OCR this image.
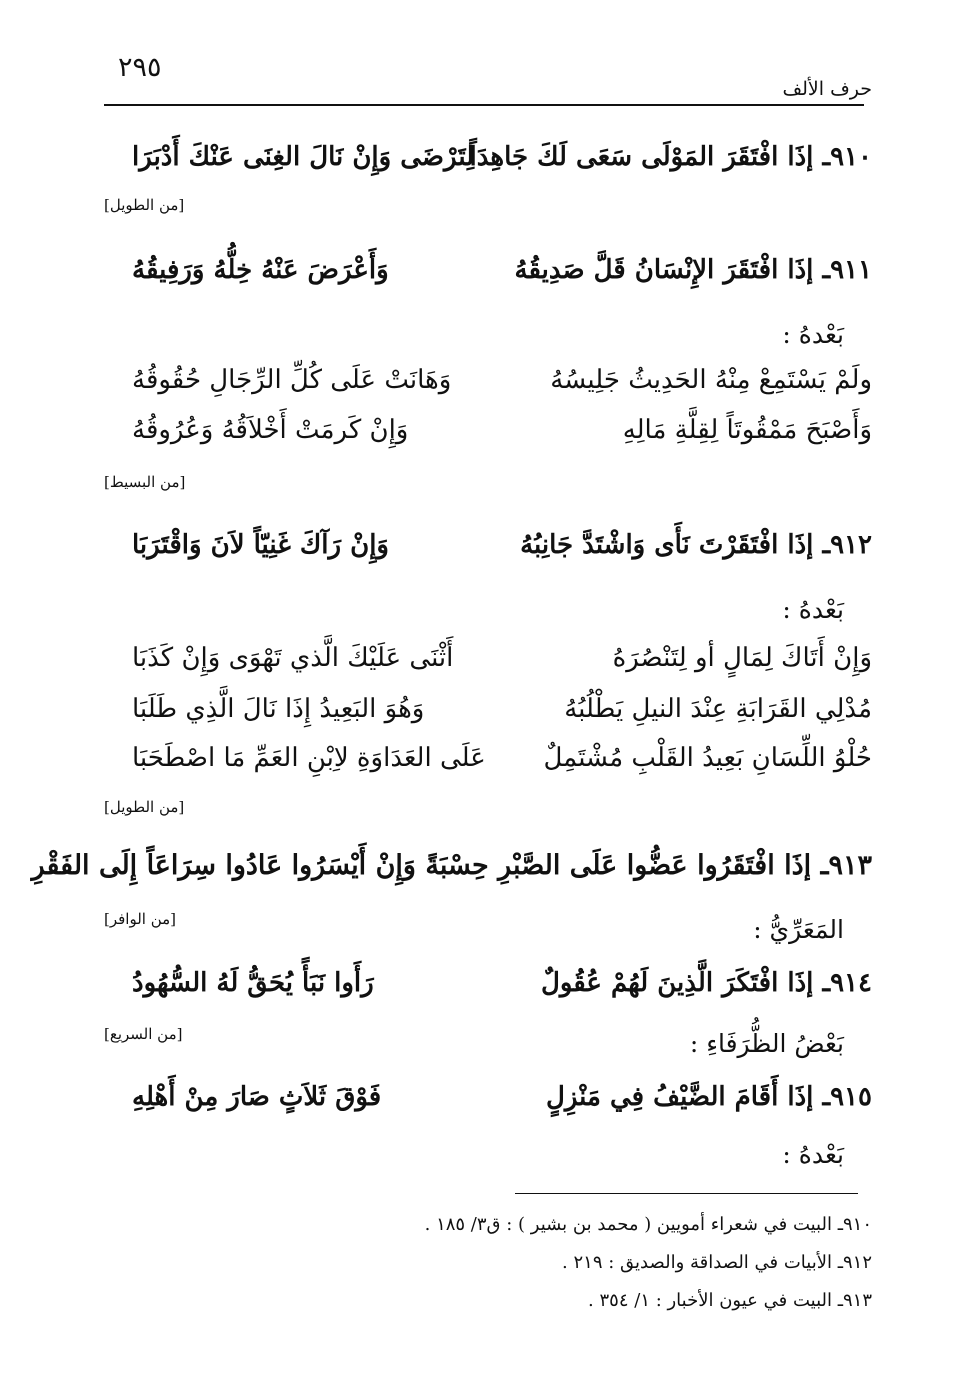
٢٩٥
حرف الألف
٩١٠ـ إذَا افْتَقَرَ المَوْلَى سَعَى لَكَ جَاهِدَاً
لِتَرْضَى وَإِنْ نَالَ الغِنَى عَنْكَ أَدْبَرَا
[من الطويل]
٩١١ـ إذَا افْتَقَرَ الإِنْسَانُ قَلَّ صَدِيقُهُ
وَأَعْرَضَ عَنْهُ خِلُّهُ وَرَفِيقُهُ
بَعْدهُ :
ولَمْ يَسْتَمِعْ مِنْهُ الحَدِيثُ جَلِيسُهُ
وَهَانَتْ عَلَى كُلِّ الرِّجَالِ حُقُوقُهُ
وَأَصْبَحَ مَمْقُوتَاً لِقِلَّةِ مَالِهِ
وَإِنْ كَرمَتْ أَخْلاَقُهُ وَعُرُوقُهُ
[من البسيط]
٩١٢ـ إذَا افْتَقَرْتَ نَأَى وَاشْتَدَّ جَانِبُهُ
وَإِنْ رَآكَ غَنِيّاً لاَنَ وَاقْتَرَبَا
بَعْدهُ :
وَإِنْ أَتَاكَ لِمَالٍ أو لِتَنْصُرَهُ
أَثْنَى عَلَيْكَ الَّذي تَهْوَى وَإِنْ كَذَبَا
مُدْلِي القَرَابَةِ عِنْدَ النيلِ يَطْلُبُهُ
وَهُوَ البَعِيدُ إِذَا نَالَ الَّذِي طَلَبَا
حُلْوُ اللِّسَانِ بَعِيدُ القَلْبِ مُشْتَمِلٌ
عَلَى العَدَاوَةِ لاِبْنِ العَمِّ مَا اصْطَحَبَا
[من الطويل]
٩١٣ـ إذَا افْتَقَرُوا عَضُّوا عَلَى الصَّبْرِ حِسْبَةً وَإِنْ أَيْسَرُوا عَادُوا سِرَاعَاً إِلَى الفَقْرِ
المَعَرِّيُّ :
[من الوافر]
٩١٤ـ إذَا افْتَكَرَ الَّذِينَ لَهُمْ عُقُولٌ
رَأَوا نَبَأً يُحَقُّ لَهُ السُّهُودُ
بَعْضُ الظُّرَفَاءِ :
[من السريع]
٩١٥ـ إذَا أَقَامَ الضَّيْفُ فِي مَنْزِلٍ
فَوْقَ ثَلاَثٍ صَارَ مِنْ أَهْلِهِ
بَعْدهُ :
٩١٠ـ البيت في شعراء أمويين ( محمد بن بشير ) : ق٣/ ١٨٥ .
٩١٢ـ الأبيات في الصداقة والصديق : ٢١٩ .
٩١٣ـ البيت في عيون الأخبار : ١/ ٣٥٤ .
